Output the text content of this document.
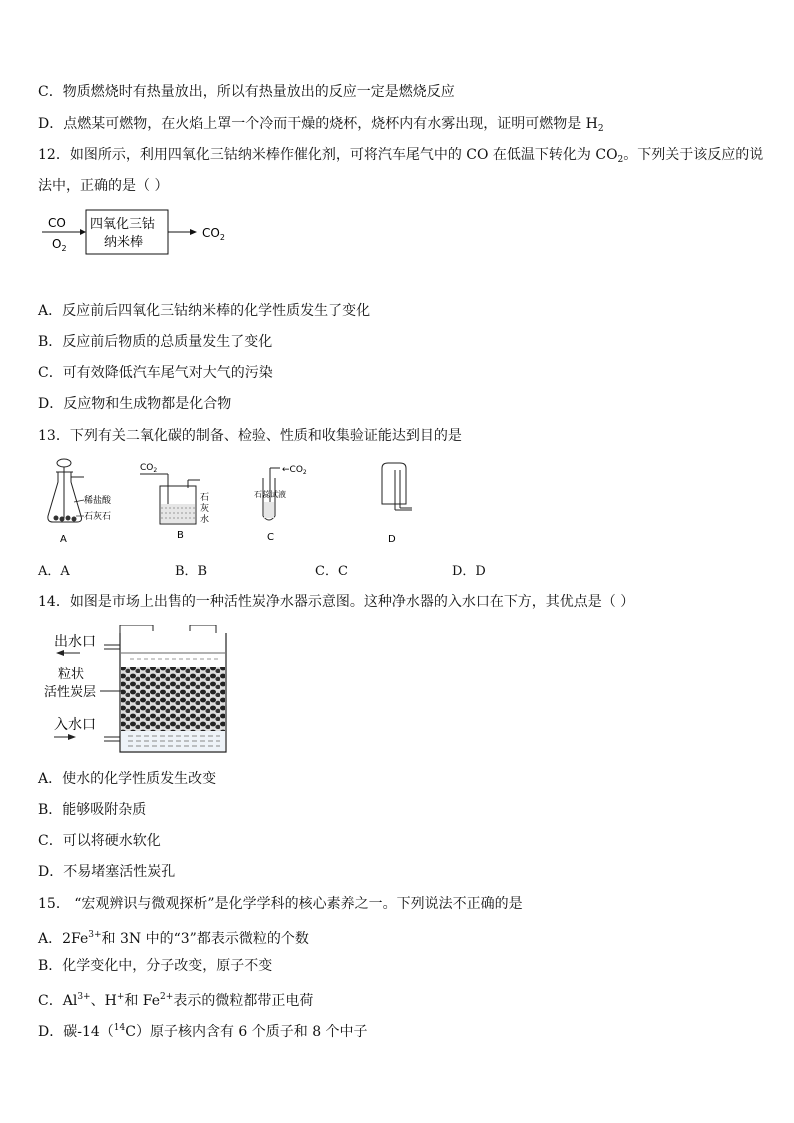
C．物质燃烧时有热量放出，所以有热量放出的反应一定是燃烧反应
D．点燃某可燃物，在火焰上罩一个冷而干燥的烧杯，烧杯内有水雾出现，证明可燃物是 $H_2$
12．如图所示，利用四氧化三钴纳米棒作催化剂，可将汽车尾气中的 CO 在低温下转化为 $CO_2$。下列关于该反应的说
法中，正确的是（ ）
CO
$O_2$
四氧化三钴
纳米棒
$CO_2$
A．反应前后四氧化三钴纳米棒的化学性质发生了变化
B．反应前后物质的总质量发生了变化
C．可有效降低汽车尾气对大气的污染
D．反应物和生成物都是化合物
13．下列有关二氧化碳的制备、检验、性质和收集验证能达到目的是
稀盐酸
石灰石
A
$CO_2$
石
灰
水
B
$\leftarrow CO_2$
石蕊试液
C	D
A．A	B．B	C．C	D．D
14．如图是市场上出售的一种活性炭净水器示意图。这种净水器的入水口在下方，其优点是（ ）
出水口
粒状
活性炭层
入水口
A．使水的化学性质发生改变
B．能够吸附杂质
C．可以将硬水软化
D．不易堵塞活性炭孔
15． “宏观辨识与微观探析”是化学学科的核心素养之一。下列说法不正确的是
A．$2Fe^{3+}$和 3N 中的“3”都表示微粒的个数
B．化学变化中，分子改变，原子不变
C．$Al^{3+}$、H+和 $Fe^{2+}$表示的微粒都带正电荷
D．碳-14（$^{14}$C）原子核内含有 6 个质子和 8 个中子
